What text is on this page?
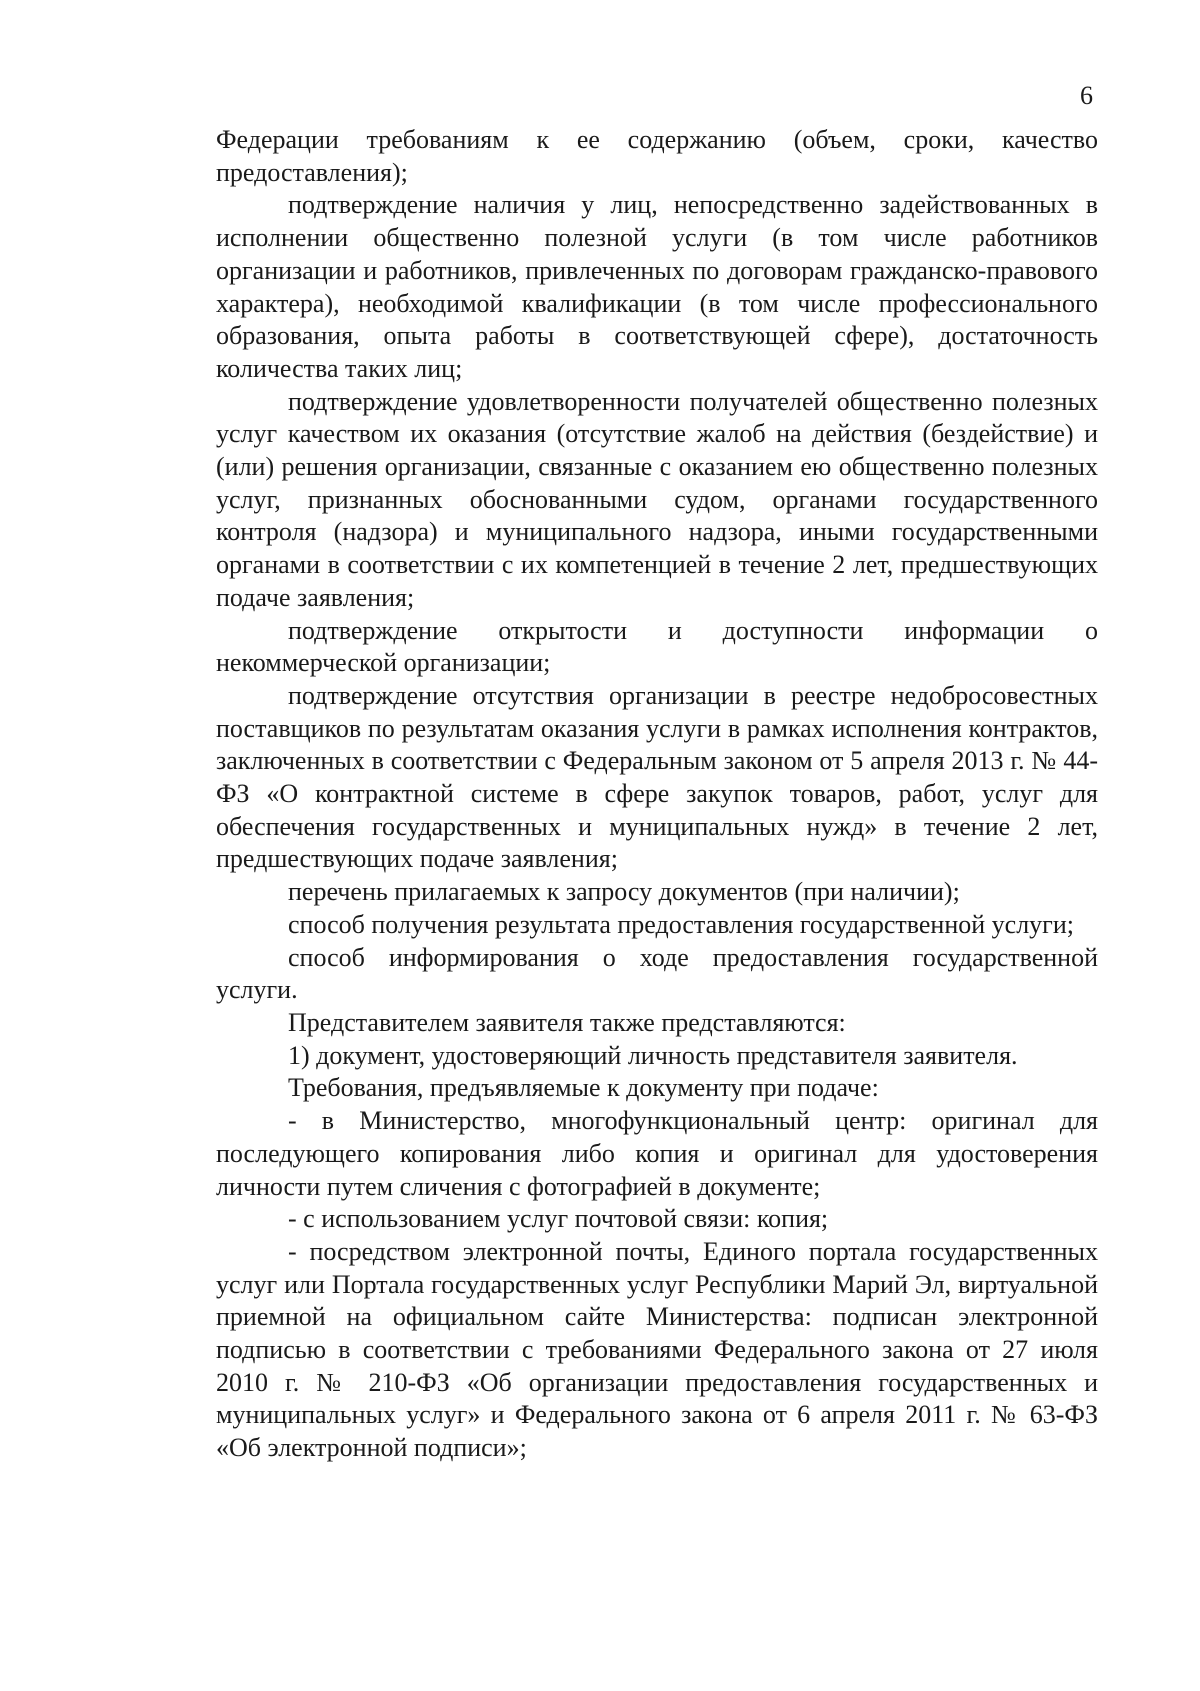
6

Федерации требованиям к ее содержанию (объем, сроки, качество предоставления);

подтверждение наличия у лиц, непосредственно задействованных в исполнении общественно полезной услуги (в том числе работников организации и работников, привлеченных по договорам гражданско-правового характера), необходимой квалификации (в том числе профессионального образования, опыта работы в соответствующей сфере), достаточность количества таких лиц;

подтверждение удовлетворенности получателей общественно полезных услуг качеством их оказания (отсутствие жалоб на действия (бездействие) и (или) решения организации, связанные с оказанием ею общественно полезных услуг, признанных обоснованными судом, органами государственного контроля (надзора) и муниципального надзора, иными государственными органами в соответствии с их компетенцией в течение 2 лет, предшествующих подаче заявления;

подтверждение открытости и доступности информации о некоммерческой организации;

подтверждение отсутствия организации в реестре недобросовестных поставщиков по результатам оказания услуги в рамках исполнения контрактов, заключенных в соответствии с Федеральным законом от 5 апреля 2013 г. № 44-ФЗ «О контрактной системе в сфере закупок товаров, работ, услуг для обеспечения государственных и муниципальных нужд» в течение 2 лет, предшествующих подаче заявления;

перечень прилагаемых к запросу документов (при наличии);

способ получения результата предоставления государственной услуги;

способ информирования о ходе предоставления государственной услуги.

Представителем заявителя также представляются:

1) документ, удостоверяющий личность представителя заявителя.

Требования, предъявляемые к документу при подаче:

- в Министерство, многофункциональный центр: оригинал для последующего копирования либо копия и оригинал для удостоверения личности путем сличения с фотографией в документе;

- с использованием услуг почтовой связи: копия;

- посредством электронной почты, Единого портала государственных услуг или Портала государственных услуг Республики Марий Эл, виртуальной приемной на официальном сайте Министерства: подписан электронной подписью в соответствии с требованиями Федерального закона от 27 июля 2010 г. № 210-ФЗ «Об организации предоставления государственных и муниципальных услуг» и Федерального закона от 6 апреля 2011 г. № 63-ФЗ «Об электронной подписи»;
